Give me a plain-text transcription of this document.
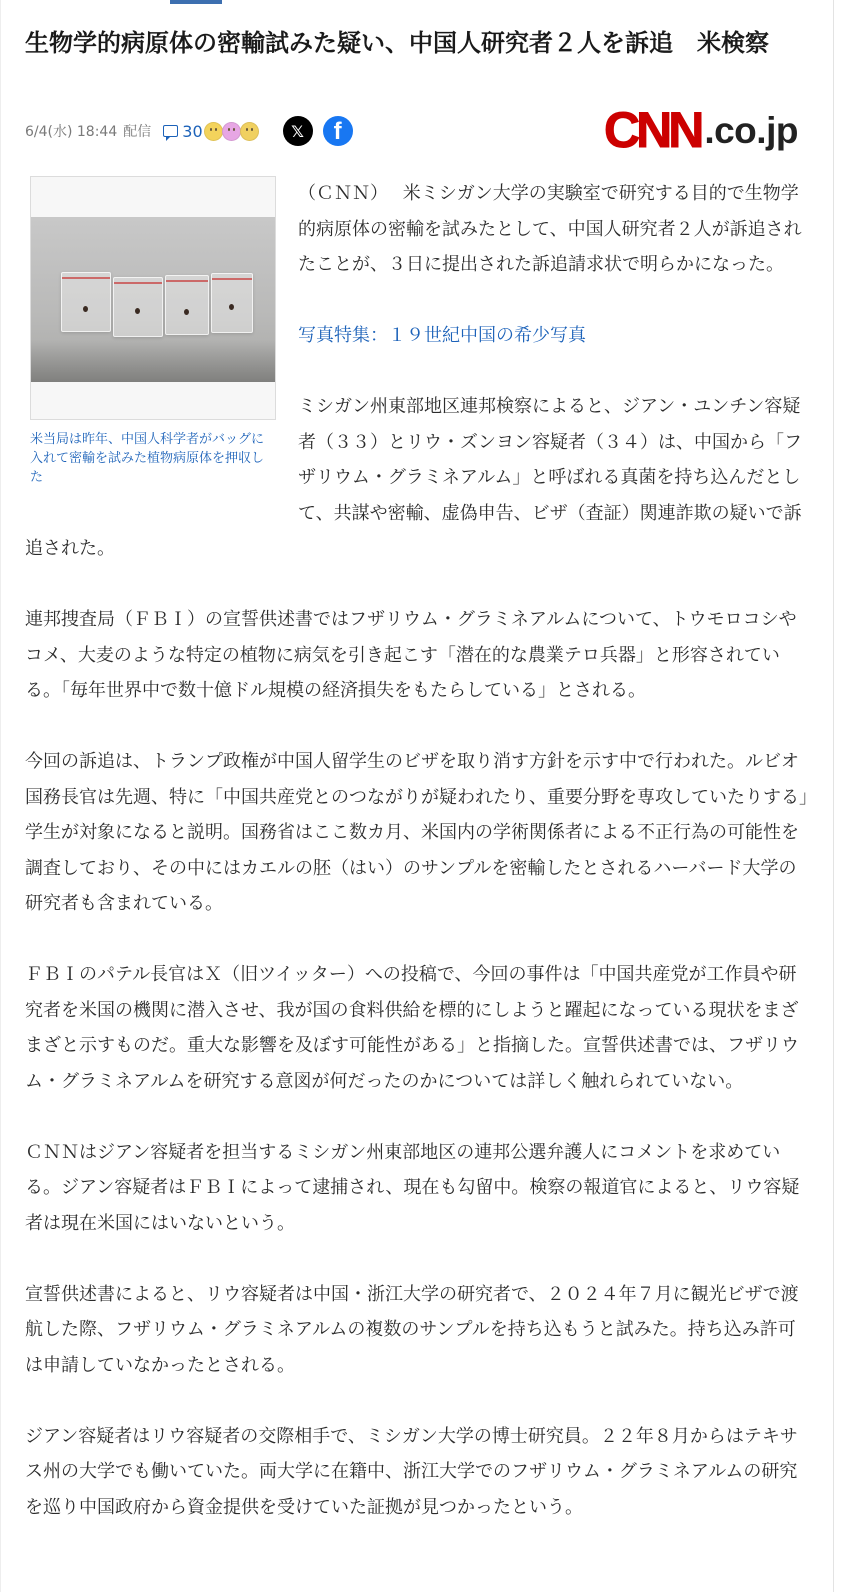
生物学的病原体の密輸試みた疑い、中国人研究者２人を訴追　米検察
6/4(水) 18:44 配信 30	𝕏 f	CNN .co.jp

米当局は昨年、中国人科学者がバッグに入れて密輸を試みた植物病原体を押収した

（ＣＮＮ）　 米ミシガン大学の実験室で研究する目的で生物学的病原体の密輸を試みたとして、中国人研究者２人が訴追されたことが、３日に提出された訴追請求状で明らかになった。

写真特集：１９世紀中国の希少写真

ミシガン州東部地区連邦検察によると、ジアン・ユンチン容疑者（３３）とリウ・ズンヨン容疑者（３４）は、中国から「フザリウム・グラミネアルム」と呼ばれる真菌を持ち込んだとして、共謀や密輸、虚偽申告、ビザ（査証）関連詐欺の疑いで訴追された。

連邦捜査局（ＦＢＩ）の宣誓供述書ではフザリウム・グラミネアルムについて、トウモロコシやコメ、大麦のような特定の植物に病気を引き起こす「潜在的な農業テロ兵器」と形容されている。「毎年世界中で数十億ドル規模の経済損失をもたらしている」とされる。

今回の訴追は、トランプ政権が中国人留学生のビザを取り消す方針を示す中で行われた。ルビオ国務長官は先週、特に「中国共産党とのつながりが疑われたり、重要分野を専攻していたりする」学生が対象になると説明。国務省はここ数カ月、米国内の学術関係者による不正行為の可能性を調査しており、その中にはカエルの胚（はい）のサンプルを密輸したとされるハーバード大学の研究者も含まれている。

ＦＢＩのパテル長官はＸ（旧ツイッター）への投稿で、今回の事件は「中国共産党が工作員や研究者を米国の機関に潜入させ、我が国の食料供給を標的にしようと躍起になっている現状をまざまざと示すものだ。重大な影響を及ぼす可能性がある」と指摘した。宣誓供述書では、フザリウム・グラミネアルムを研究する意図が何だったのかについては詳しく触れられていない。

ＣＮＮはジアン容疑者を担当するミシガン州東部地区の連邦公選弁護人にコメントを求めている。ジアン容疑者はＦＢＩによって逮捕され、現在も勾留中。検察の報道官によると、リウ容疑者は現在米国にはいないという。

宣誓供述書によると、リウ容疑者は中国・浙江大学の研究者で、２０２４年７月に観光ビザで渡航した際、フザリウム・グラミネアルムの複数のサンプルを持ち込もうと試みた。持ち込み許可は申請していなかったとされる。

ジアン容疑者はリウ容疑者の交際相手で、ミシガン大学の博士研究員。２２年８月からはテキサス州の大学でも働いていた。両大学に在籍中、浙江大学でのフザリウム・グラミネアルムの研究を巡り中国政府から資金提供を受けていた証拠が見つかったという。
